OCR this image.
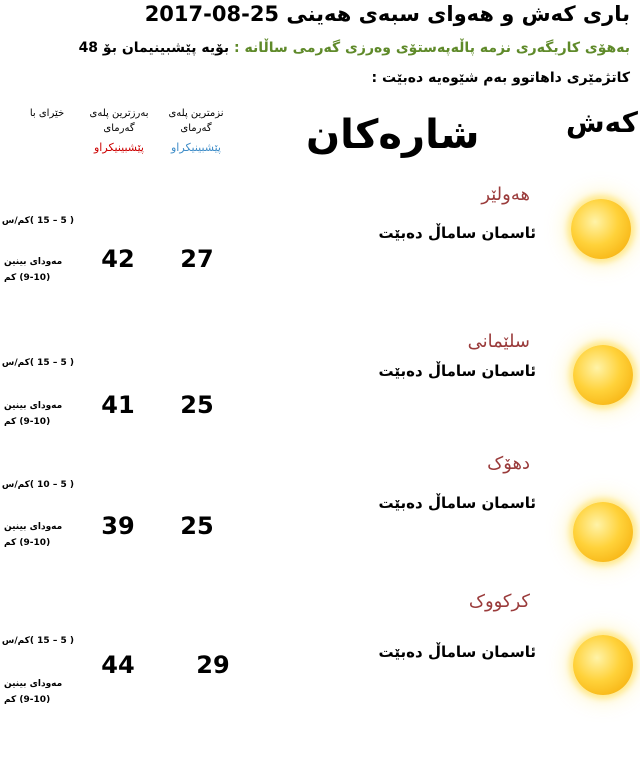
باری کەش و هەوای سبەی هەینی 25-08-2017
بەهۆی کاریگەری نزمە پاڵەپەستۆی وەرزی گەرمی ساڵانە : بۆیە پێشبینیمان بۆ 48
کاتژمێری داهاتوو بەم شێوەیە دەبێت :
کەش
شارەکان
نزمترین پلەی
گەرمای
پێشبینیکراو
بەرزترین پلەی
گەرمای
پێشبینیکراو
خێرای با
هەولێر
ئاسمان ساماڵ دەبێت
27
42
( 5 – 15 )کم/س
مەودای بینین
(9-10) کم
سلێمانی
ئاسمان ساماڵ دەبێت
25
41
( 5 – 15 )کم/س
مەودای بینین
(9-10) کم
دهۆک
ئاسمان ساماڵ دەبێت
25
39
( 5 – 10 )کم/س
مەودای بینین
(9-10) کم
کرکووک
ئاسمان ساماڵ دەبێت
29
44
( 5 – 15 )کم/س
مەودای بینین
(9-10) کم
